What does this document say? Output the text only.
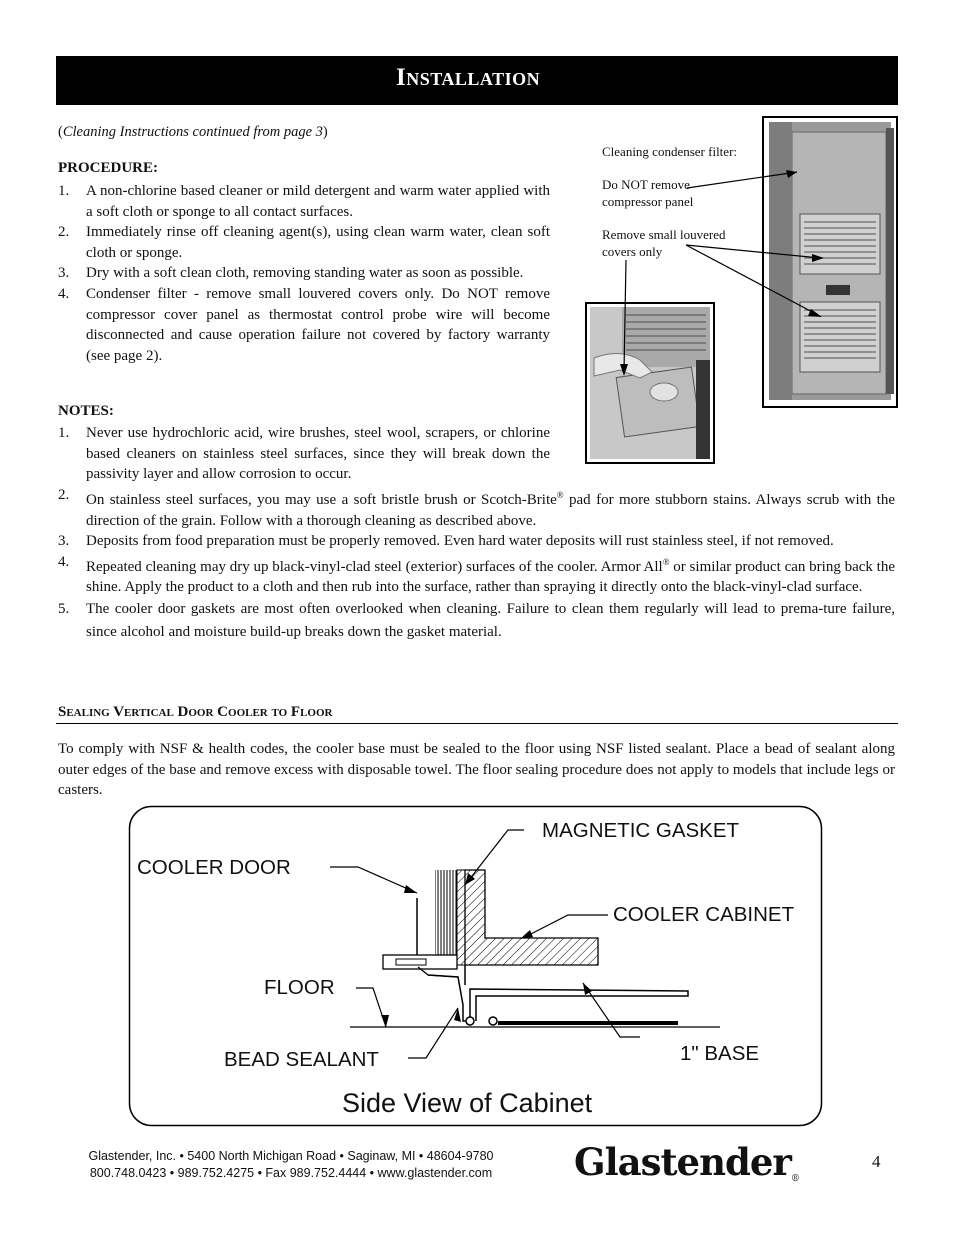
Installation
(Cleaning Instructions continued from page 3)
PROCEDURE:
1. A non-chlorine based cleaner or mild detergent and warm water applied with a soft cloth or sponge to all contact surfaces.
2. Immediately rinse off cleaning agent(s), using clean warm water, clean soft cloth or sponge.
3. Dry with a soft clean cloth, removing standing water as soon as possible.
4. Condenser filter - remove small louvered covers only. Do NOT remove compressor cover panel as thermostat control probe wire will become disconnected and cause operation failure not covered by factory warranty (see page 2).
Cleaning condenser filter:
Do NOT remove
compressor panel
Remove small louvered
covers only
NOTES:
1. Never use hydrochloric acid, wire brushes, steel wool, scrapers, or chlorine based cleaners on stainless steel surfaces, since they will break down the passivity layer and allow corrosion to occur.
2. On stainless steel surfaces, you may use a soft bristle brush or Scotch-Brite® pad for more stubborn stains. Always scrub with the direction of the grain. Follow with a thorough cleaning as described above.
3. Deposits from food preparation must be properly removed. Even hard water deposits will rust stainless steel, if not removed.
4. Repeated cleaning may dry up black-vinyl-clad steel (exterior) surfaces of the cooler. Armor All® or similar product can bring back the shine. Apply the product to a cloth and then rub into the surface, rather than spraying it directly onto the black-vinyl-clad surface.
5. The cooler door gaskets are most often overlooked when cleaning. Failure to clean them regularly will lead to prema-ture failure, since alcohol and moisture build-up breaks down the gasket material.
Sealing Vertical Door Cooler to Floor
To comply with NSF & health codes, the cooler base must be sealed to the floor using NSF listed sealant. Place a bead of sealant along outer edges of the base and remove excess with disposable towel. The floor sealing procedure does not apply to models that include legs or casters.
MAGNETIC GASKET
COOLER DOOR
COOLER CABINET
FLOOR
BEAD SEALANT	1" BASE
Side View of Cabinet
Glastender, Inc. • 5400 North Michigan Road • Saginaw, MI • 48604-9780
800.748.0423 • 989.752.4275 • Fax 989.752.4444 • www.glastender.com	Glastender®
4
